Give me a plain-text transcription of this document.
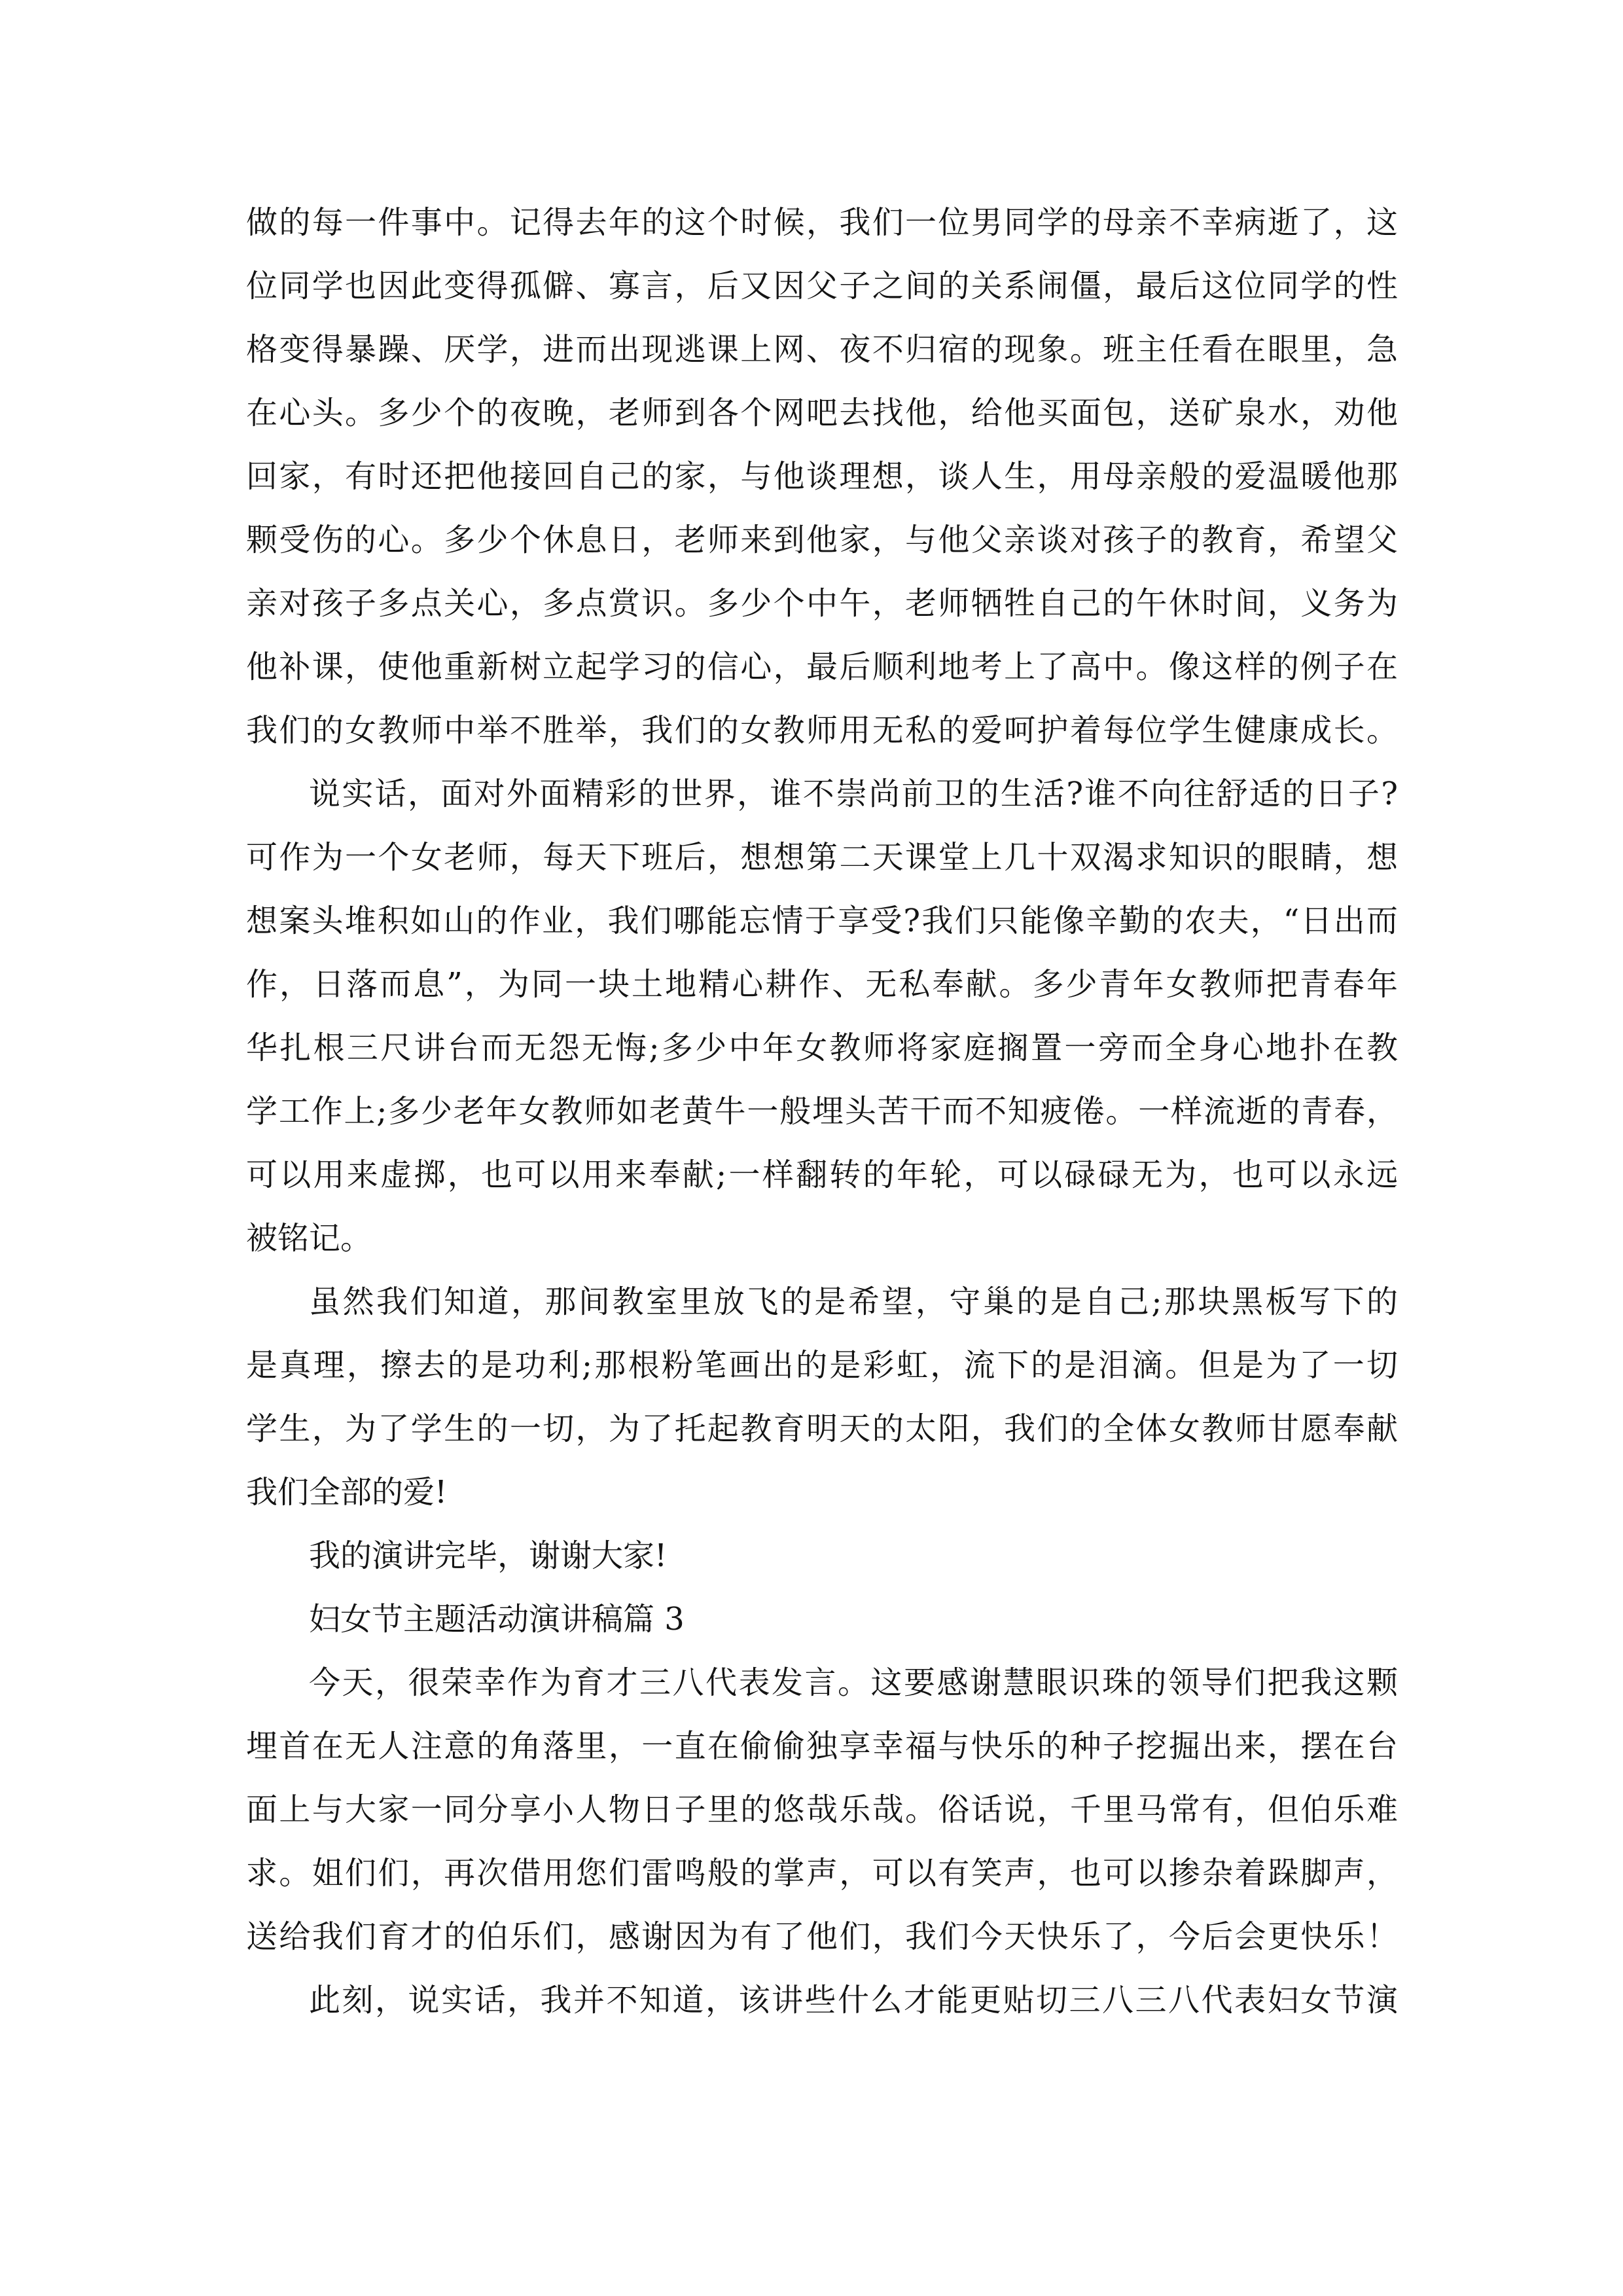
做的每一件事中。记得去年的这个时候，我们一位男同学的母亲不幸病逝了，这
位同学也因此变得孤僻、寡言，后又因父子之间的关系闹僵，最后这位同学的性
格变得暴躁、厌学，进而出现逃课上网、夜不归宿的现象。班主任看在眼里，急
在心头。多少个的夜晚，老师到各个网吧去找他，给他买面包，送矿泉水，劝他
回家，有时还把他接回自己的家，与他谈理想，谈人生，用母亲般的爱温暖他那
颗受伤的心。多少个休息日，老师来到他家，与他父亲谈对孩子的教育，希望父
亲对孩子多点关心，多点赏识。多少个中午，老师牺牲自己的午休时间，义务为
他补课，使他重新树立起学习的信心，最后顺利地考上了高中。像这样的例子在
我们的女教师中举不胜举，我们的女教师用无私的爱呵护着每位学生健康成长。
说实话，面对外面精彩的世界，谁不崇尚前卫的生活?谁不向往舒适的日子?
可作为一个女老师，每天下班后，想想第二天课堂上几十双渴求知识的眼睛，想
想案头堆积如山的作业，我们哪能忘情于享受?我们只能像辛勤的农夫，“日出而
作，日落而息”，为同一块土地精心耕作、无私奉献。多少青年女教师把青春年
华扎根三尺讲台而无怨无悔;多少中年女教师将家庭搁置一旁而全身心地扑在教
学工作上;多少老年女教师如老黄牛一般埋头苦干而不知疲倦。一样流逝的青春，
可以用来虚掷，也可以用来奉献;一样翻转的年轮，可以碌碌无为，也可以永远
被铭记。
虽然我们知道，那间教室里放飞的是希望，守巢的是自己;那块黑板写下的
是真理，擦去的是功利;那根粉笔画出的是彩虹，流下的是泪滴。但是为了一切
学生，为了学生的一切，为了托起教育明天的太阳，我们的全体女教师甘愿奉献
我们全部的爱!
我的演讲完毕，谢谢大家!
妇女节主题活动演讲稿篇 3
今天，很荣幸作为育才三八代表发言。这要感谢慧眼识珠的领导们把我这颗
埋首在无人注意的角落里，一直在偷偷独享幸福与快乐的种子挖掘出来，摆在台
面上与大家一同分享小人物日子里的悠哉乐哉。俗话说，千里马常有，但伯乐难
求。姐们们，再次借用您们雷鸣般的掌声，可以有笑声，也可以掺杂着跺脚声，
送给我们育才的伯乐们，感谢因为有了他们，我们今天快乐了，今后会更快乐！
此刻，说实话，我并不知道，该讲些什么才能更贴切三八三八代表妇女节演
